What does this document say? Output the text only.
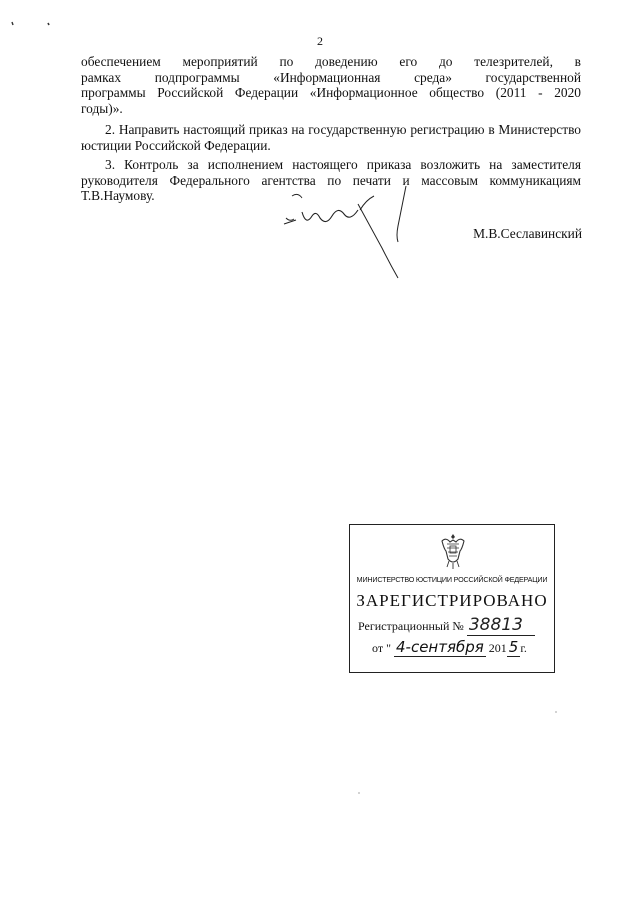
2

обеспечением мероприятий по доведению его до телезрителей, в

рамках подпрограммы «Информационная среда» государственной

программы Российской Федерации «Информационное общество (2011 - 2020

годы)».

2. Направить настоящий приказ на государственную регистрацию в Министерство юстиции Российской Федерации.

3. Контроль за исполнением настоящего приказа возложить на заместителя руководителя Федерального агентства по печати и массовым коммуникациям Т.В.Наумову.

М.В.Сеславинский
МИНИСТЕРСТВО ЮСТИЦИИ РОССИЙСКОЙ ФЕДЕРАЦИИ
ЗАРЕГИСТРИРОВАНО
Регистрационный № 38813
от " 4-сентября 201 5 г.
